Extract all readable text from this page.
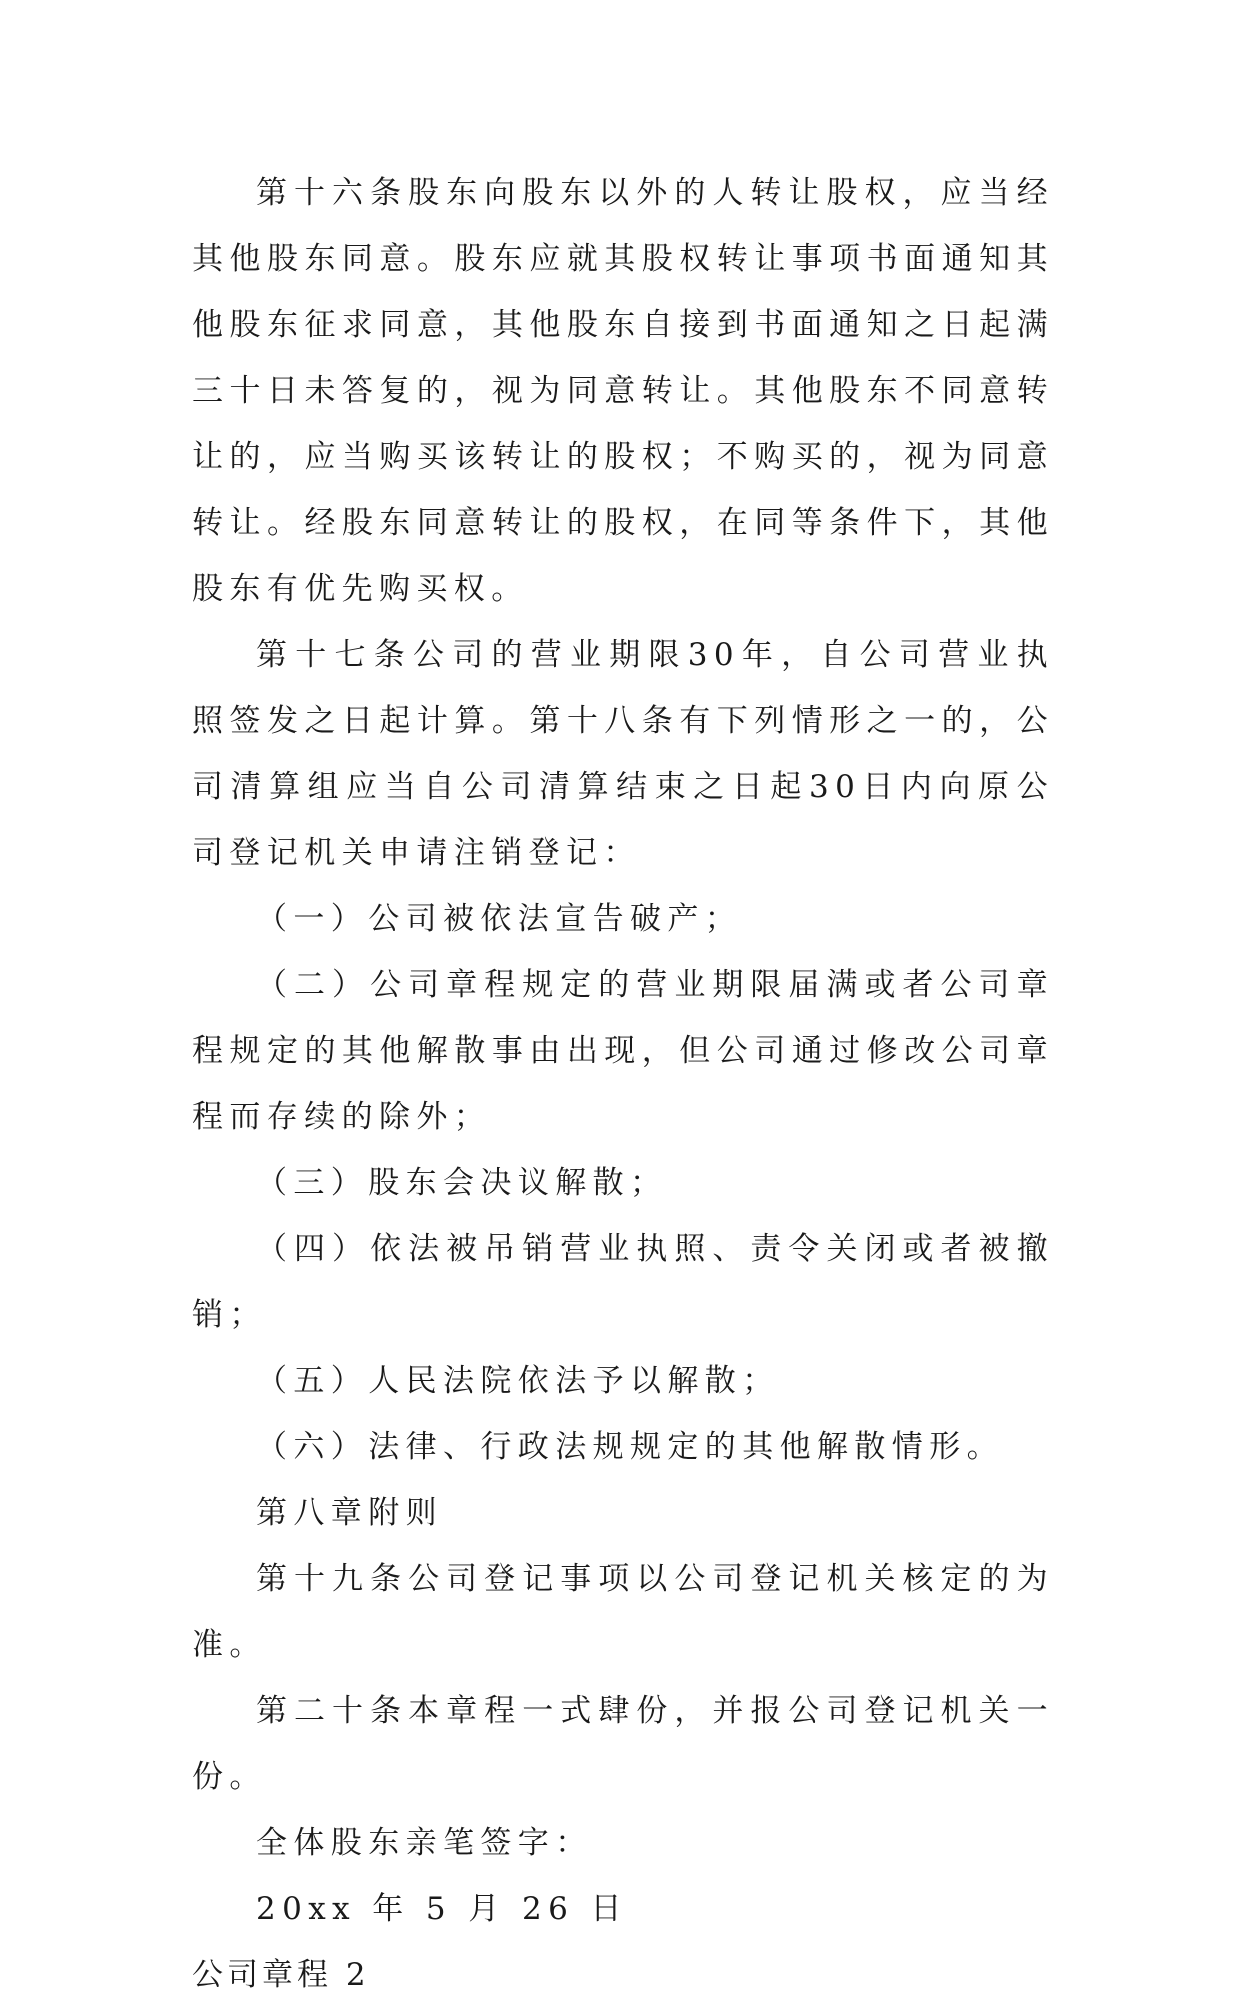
第十六条股东向股东以外的人转让股权，应当经其他股东同意。股东应就其股权转让事项书面通知其他股东征求同意，其他股东自接到书面通知之日起满三十日未答复的，视为同意转让。其他股东不同意转让的，应当购买该转让的股权；不购买的，视为同意转让。经股东同意转让的股权，在同等条件下，其他股东有优先购买权。

第十七条公司的营业期限30年，自公司营业执照签发之日起计算。第十八条有下列情形之一的，公司清算组应当自公司清算结束之日起30日内向原公司登记机关申请注销登记：

（一）公司被依法宣告破产；

（二）公司章程规定的营业期限届满或者公司章程规定的其他解散事由出现，但公司通过修改公司章程而存续的除外；

（三）股东会决议解散；

（四）依法被吊销营业执照、责令关闭或者被撤销；

（五）人民法院依法予以解散；

（六）法律、行政法规规定的其他解散情形。

第八章附则

第十九条公司登记事项以公司登记机关核定的为准。

第二十条本章程一式肆份，并报公司登记机关一份。

全体股东亲笔签字：

20xx 年 5 月 26 日

公司章程 2
